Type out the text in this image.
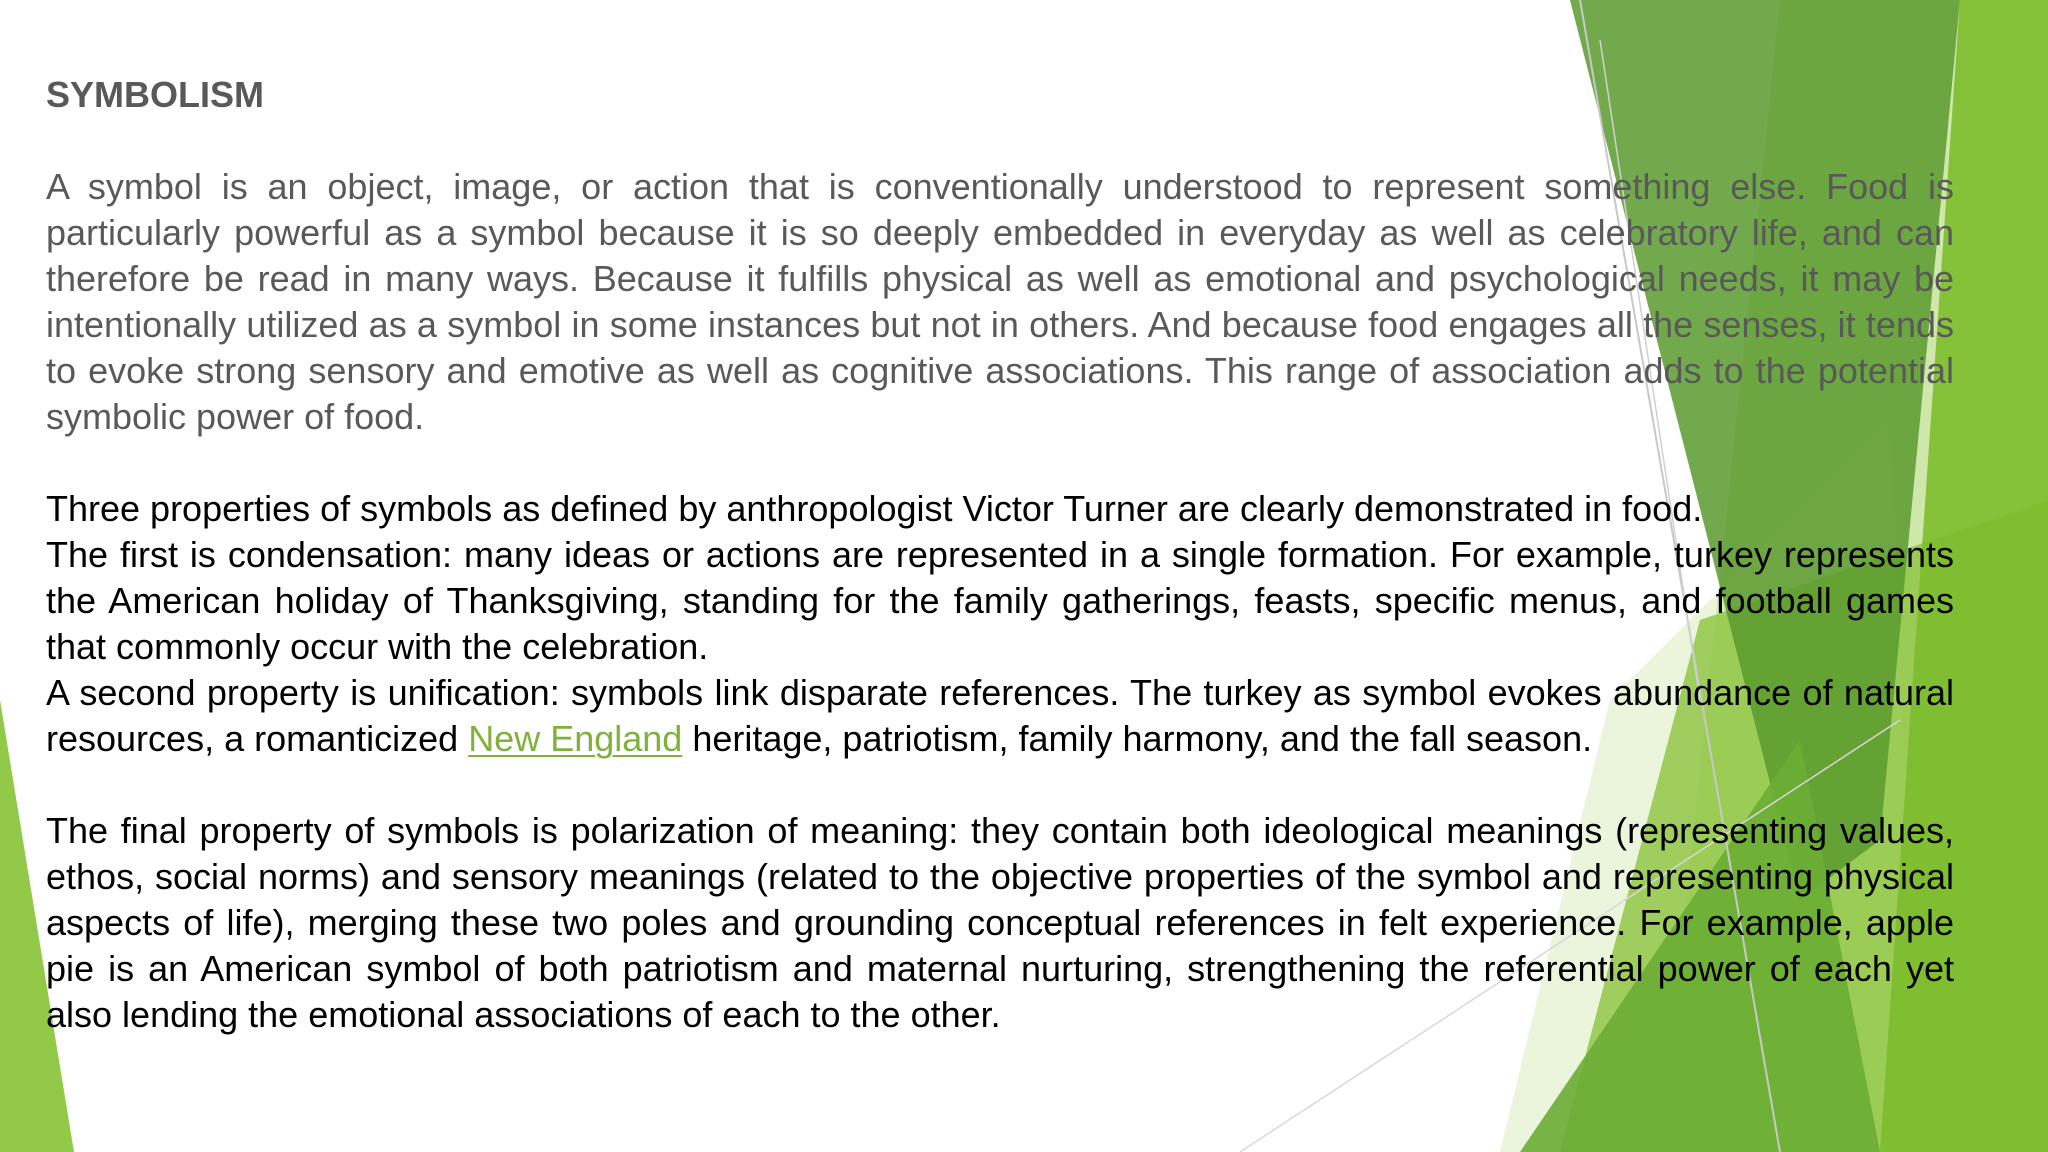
SYMBOLISM

A symbol is an object, image, or action that is conventionally understood to represent something else. Food is particularly powerful as a symbol because it is so deeply embedded in everyday as well as celebratory life, and can therefore be read in many ways. Because it fulfills physical as well as emotional and psychological needs, it may be intentionally utilized as a symbol in some instances but not in others. And because food engages all the senses, it tends to evoke strong sensory and emotive as well as cognitive associations. This range of association adds to the potential symbolic power of food.

Three properties of symbols as defined by anthropologist Victor Turner are clearly demonstrated in food.

The first is condensation: many ideas or actions are represented in a single formation. For example, turkey represents the American holiday of Thanksgiving, standing for the family gatherings, feasts, specific menus, and football games that commonly occur with the celebration.

A second property is unification: symbols link disparate references. The turkey as symbol evokes abundance of natural resources, a romanticized New England heritage, patriotism, family harmony, and the fall season.

The final property of symbols is polarization of meaning: they contain both ideological meanings (representing values, ethos, social norms) and sensory meanings (related to the objective properties of the symbol and representing physical aspects of life), merging these two poles and grounding conceptual references in felt experience. For example, apple pie is an American symbol of both patriotism and maternal nurturing, strengthening the referential power of each yet also lending the emotional associations of each to the other.
